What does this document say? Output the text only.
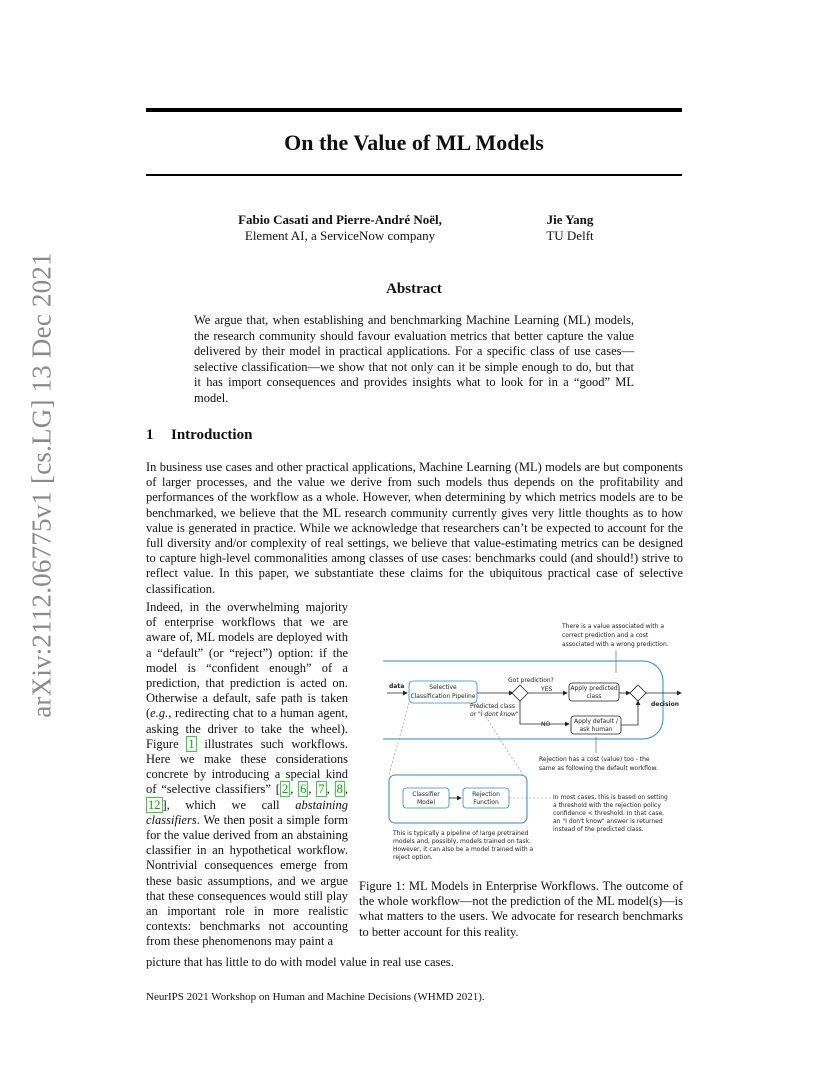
arXiv:2112.06775v1 [cs.LG] 13 Dec 2021
On the Value of ML Models
Fabio Casati and Pierre-André Noël,
Element AI, a ServiceNow company
Jie Yang
TU Delft
Abstract
We argue that, when establishing and benchmarking Machine Learning (ML) models, the research community should favour evaluation metrics that better capture the value delivered by their model in practical applications. For a specific class of use cases—selective classification—we show that not only can it be simple enough to do, but that it has import consequences and provides insights what to look for in a “good” ML model.
1 Introduction
In business use cases and other practical applications, Machine Learning (ML) models are but components of larger processes, and the value we derive from such models thus depends on the profitability and performances of the workflow as a whole. However, when determining by which metrics models are to be benchmarked, we believe that the ML research community currently gives very little thoughts as to how value is generated in practice. While we acknowledge that researchers can’t be expected to account for the full diversity and/or complexity of real settings, we believe that value-estimating metrics can be designed to capture high-level commonalities among classes of use cases: benchmarks could (and should!) strive to reflect value. In this paper, we substantiate these claims for the ubiquitous practical case of selective classification.
Indeed, in the overwhelming majority of enterprise workflows that we are aware of, ML models are deployed with a “default” (or “reject”) option: if the model is “confident enough” of a prediction, that prediction is acted on. Otherwise a default, safe path is taken (e.g., redirecting chat to a human agent, asking the driver to take the wheel). Figure 1 illustrates such workflows. Here we make these considerations concrete by introducing a special kind of “selective classifiers” [ 2 , 6 , 7 , 8 , 12 ], which we call abstaining classifiers. We then posit a simple form for the value derived from an abstaining classifier in an hypothetical workflow. Nontrivial consequences emerge from these basic assumptions, and we argue that these consequences would still play an important role in more realistic contexts: benchmarks not accounting from these phenomenons may paint a
picture that has little to do with model value in real use cases.
There is a value associated with a
correct prediction and a cost
associated with a wrong prediction.
data	Selective
Classification Pipeline
Got prediction?
YES	Apply predicted
class
decision
NO	Apply default /
ask human
Predicted class
or "I dont know"
Rejection has a cost (value) too - the
same as following the default workflow.
Classifier
Model
Rejection
Function
In most cases, this is based on setting
a threshold with the rejection policy
confidence < threshold. In that case,
an "I don't know" answer is returned
instead of the predicted class.
This is typically a pipeline of large pretrained
models and, possibly, models trained on task.
However, it can also be a model trained with a
reject option.
Figure 1: ML Models in Enterprise Workflows. The outcome of the whole workflow—not the prediction of the ML model(s)—is what matters to the users. We advocate for research benchmarks to better account for this reality.
NeurIPS 2021 Workshop on Human and Machine Decisions (WHMD 2021).
